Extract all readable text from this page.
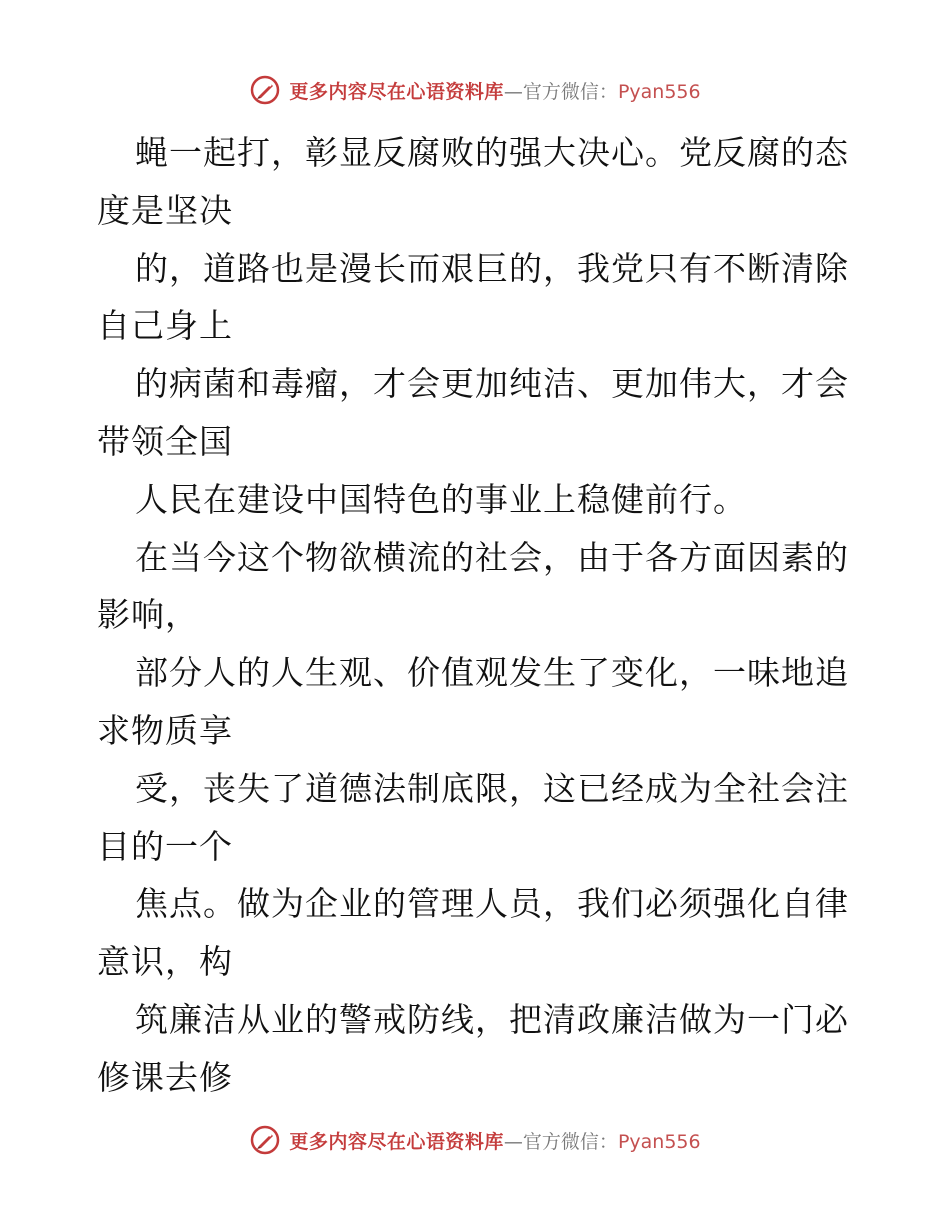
更多内容尽在心语资料库—官方微信：Pyan556
蝇一起打，彰显反腐败的强大决心。党反腐的态
度是坚决
的，道路也是漫长而艰巨的，我党只有不断清除
自己身上
的病菌和毒瘤，才会更加纯洁、更加伟大，才会
带领全国
人民在建设中国特色的事业上稳健前行。
在当今这个物欲横流的社会，由于各方面因素的
影响，
部分人的人生观、价值观发生了变化，一味地追
求物质享
受，丧失了道德法制底限，这已经成为全社会注
目的一个
焦点。做为企业的管理人员，我们必须强化自律
意识，构
筑廉洁从业的警戒防线，把清政廉洁做为一门必
修课去修
更多内容尽在心语资料库—官方微信：Pyan556
